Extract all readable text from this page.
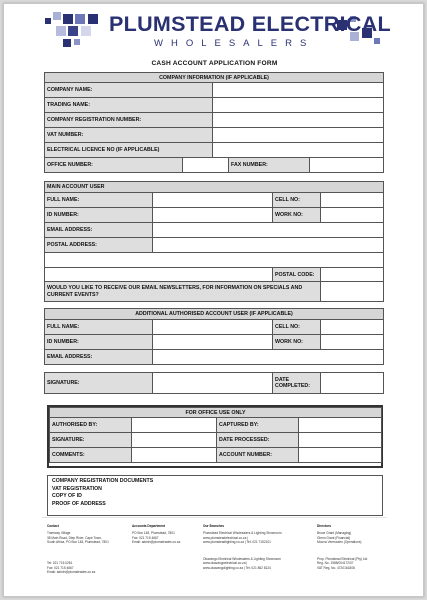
PLUMSTEAD ELECTRICAL
WHOLESALERS
CASH ACCOUNT APPLICATION FORM
COMPANY INFORMATION (IF APPLICABLE)
COMPANY NAME:	
TRADING NAME:	
COMPANY REGISTRATION NUMBER:	
VAT NUMBER:	
ELECTRICAL LICENCE NO (IF APPLICABLE)	
OFFICE NUMBER:			FAX NUMBER:	
MAIN ACCOUNT USER			
FULL NAME:		CELL NO:	
ID NUMBER:		WORK NO:	
EMAIL ADDRESS:			
POSTAL ADDRESS:			

		POSTAL CODE:	
WOULD YOU LIKE TO RECEIVE OUR EMAIL NEWSLETTERS, FOR INFORMATION ON SPECIALS AND CURRENT EVENTS?			
ADDITIONAL AUTHORISED ACCOUNT USER (IF APPLICABLE)			
FULL NAME:		CELL NO:	
ID NUMBER:		WORK NO:	
EMAIL ADDRESS:			
SIGNATURE:		DATE COMPLETED:	
FOR OFFICE USE ONLY			
AUTHORISED BY:		CAPTURED BY:	
SIGNATURE:		DATE PROCESSED:	
COMMENTS:		ACCOUNT NUMBER:	
COMPANY REGISTRATION DOCUMENTS
VAT REGISTRATION
COPY OF ID
PROOF OF ADDRESS
Contact
Tramway Village
38 Main Road, Diep River, Cape Town,
South Africa, PO Box 148, Plumstead, 7801
Tel: 021 715 0281
Fax: 021 715 4667
Email: admin@plumsteades.co.za
Accounts Department
PO Box 148, Plumstead, 7801
Fax: 021 715 4667
Email: admin@plumsteades.co.za
Our Branches
Plumstead Electrical Wholesalers & Lighting Showroom
www.plumsteadelectrical.co.za |
www.plumsteadlighting.co.za | Tel: 021 7152101
Okavango Electrical Wholesalers & Lighting Showroom
www.okavangoelectrical.co.za |
www.okavangolighting.co.za | Tel: 021 862 8124
Directors
Bruce Grant (Managing)
Glenn Grant (Financial)
Moona Vermaulen (Operations)
Prop. Plumstead Electrical (Pty) Ltd
Reg. No. 1988/004172/07
VAT Reg. No. 4720161808
